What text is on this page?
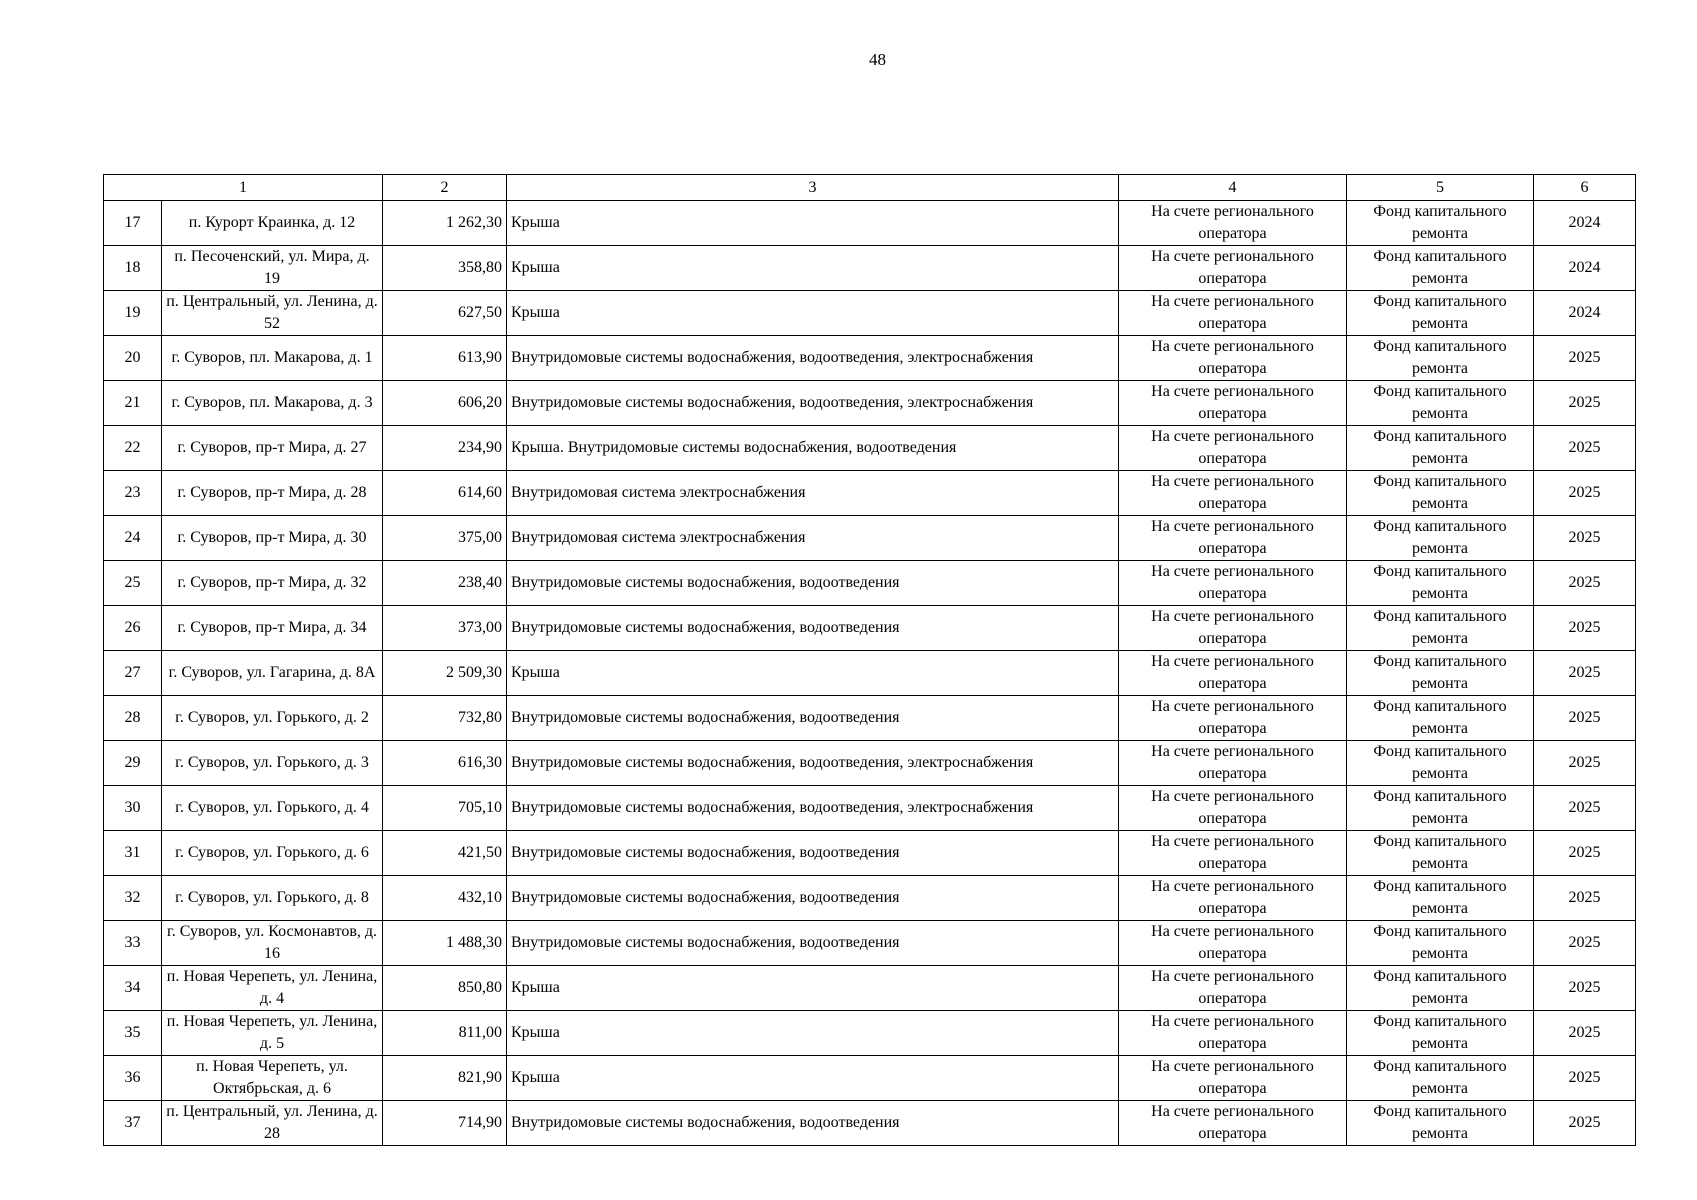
48
1		2	3	4	5	6
17	п. Курорт Краинка, д. 12	1 262,30	Крыша	На счете регионального оператора	Фонд капитального ремонта	2024
18	п. Песоченский, ул. Мира, д. 19	358,80	Крыша	На счете регионального оператора	Фонд капитального ремонта	2024
19	п. Центральный, ул. Ленина, д. 52	627,50	Крыша	На счете регионального оператора	Фонд капитального ремонта	2024
20	г. Суворов, пл. Макарова, д. 1	613,90	Внутридомовые системы водоснабжения, водоотведения, электроснабжения	На счете регионального оператора	Фонд капитального ремонта	2025
21	г. Суворов, пл. Макарова, д. 3	606,20	Внутридомовые системы водоснабжения, водоотведения, электроснабжения	На счете регионального оператора	Фонд капитального ремонта	2025
22	г. Суворов, пр-т Мира, д. 27	234,90	Крыша. Внутридомовые системы водоснабжения, водоотведения	На счете регионального оператора	Фонд капитального ремонта	2025
23	г. Суворов, пр-т Мира, д. 28	614,60	Внутридомовая система электроснабжения	На счете регионального оператора	Фонд капитального ремонта	2025
24	г. Суворов, пр-т Мира, д. 30	375,00	Внутридомовая система электроснабжения	На счете регионального оператора	Фонд капитального ремонта	2025
25	г. Суворов, пр-т Мира, д. 32	238,40	Внутридомовые системы водоснабжения, водоотведения	На счете регионального оператора	Фонд капитального ремонта	2025
26	г. Суворов, пр-т Мира, д. 34	373,00	Внутридомовые системы водоснабжения, водоотведения	На счете регионального оператора	Фонд капитального ремонта	2025
27	г. Суворов, ул. Гагарина, д. 8А	2 509,30	Крыша	На счете регионального оператора	Фонд капитального ремонта	2025
28	г. Суворов, ул. Горького, д. 2	732,80	Внутридомовые системы водоснабжения, водоотведения	На счете регионального оператора	Фонд капитального ремонта	2025
29	г. Суворов, ул. Горького, д. 3	616,30	Внутридомовые системы водоснабжения, водоотведения, электроснабжения	На счете регионального оператора	Фонд капитального ремонта	2025
30	г. Суворов, ул. Горького, д. 4	705,10	Внутридомовые системы водоснабжения, водоотведения, электроснабжения	На счете регионального оператора	Фонд капитального ремонта	2025
31	г. Суворов, ул. Горького, д. 6	421,50	Внутридомовые системы водоснабжения, водоотведения	На счете регионального оператора	Фонд капитального ремонта	2025
32	г. Суворов, ул. Горького, д. 8	432,10	Внутридомовые системы водоснабжения, водоотведения	На счете регионального оператора	Фонд капитального ремонта	2025
33	г. Суворов, ул. Космонавтов, д. 16	1 488,30	Внутридомовые системы водоснабжения, водоотведения	На счете регионального оператора	Фонд капитального ремонта	2025
34	п. Новая Черепеть, ул. Ленина, д. 4	850,80	Крыша	На счете регионального оператора	Фонд капитального ремонта	2025
35	п. Новая Черепеть, ул. Ленина, д. 5	811,00	Крыша	На счете регионального оператора	Фонд капитального ремонта	2025
36	п. Новая Черепеть, ул. Октябрьская, д. 6	821,90	Крыша	На счете регионального оператора	Фонд капитального ремонта	2025
37	п. Центральный, ул. Ленина, д. 28	714,90	Внутридомовые системы водоснабжения, водоотведения	На счете регионального оператора	Фонд капитального ремонта	2025
